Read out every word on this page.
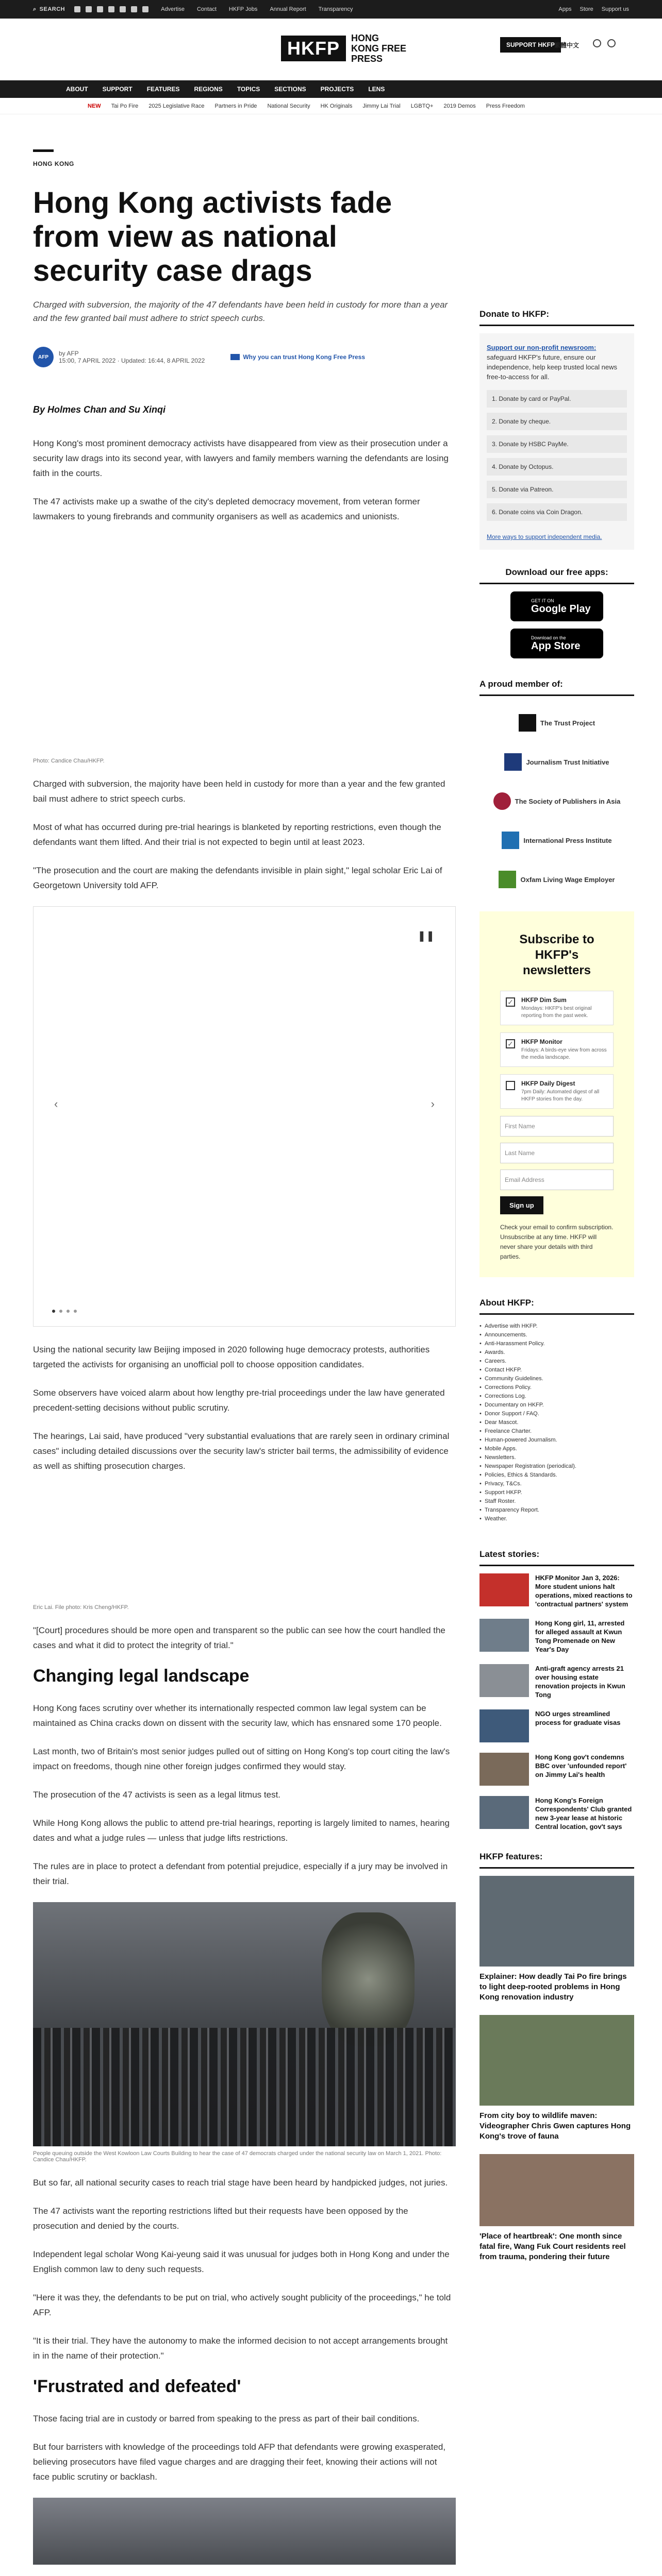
⌕ SEARCH	Advertise	Contact	HKFP Jobs	Annual Report	Transparency	Apps Store Support us
HKFP	HONG KONG FREE PRESS
SUPPORT HKFP
繁體中文
ABOUT SUPPORT FEATURES REGIONS TOPICS SECTIONS PROJECTS LENS
NEW Tai Po Fire 2025 Legislative Race Partners in Pride National Security HK Originals Jimmy Lai Trial LGBTQ+ 2019 Demos Press Freedom
HONG KONG
Hong Kong activists fade from view as national security case drags
Charged with subversion, the majority of the 47 defendants have been held in custody for more than a year and the few granted bail must adhere to strict speech curbs.
AFP	by AFP
15:00, 7 APRIL 2022 · Updated: 16:44, 8 APRIL 2022	Why you can trust Hong Kong Free Press
By Holmes Chan and Su Xinqi

Hong Kong's most prominent democracy activists have disappeared from view as their prosecution under a security law drags into its second year, with lawyers and family members warning the defendants are losing faith in the courts.

The 47 activists make up a swathe of the city's depleted democracy movement, from veteran former lawmakers to young firebrands and community organisers as well as academics and unionists.

Photo: Candice Chau/HKFP.

Charged with subversion, the majority have been held in custody for more than a year and the few granted bail must adhere to strict speech curbs.

Most of what has occurred during pre-trial hearings is blanketed by reporting restrictions, even though the defendants want them lifted. And their trial is not expected to begin until at least 2023.

"The prosecution and the court are making the defendants invisible in plain sight," legal scholar Eric Lai of Georgetown University told AFP.

❚❚
‹	›

Using the national security law Beijing imposed in 2020 following huge democracy protests, authorities targeted the activists for organising an unofficial poll to choose opposition candidates.

Some observers have voiced alarm about how lengthy pre-trial proceedings under the law have generated precedent-setting decisions without public scrutiny.

The hearings, Lai said, have produced "very substantial evaluations that are rarely seen in ordinary criminal cases" including detailed discussions over the security law's stricter bail terms, the admissibility of evidence as well as shifting prosecution charges.

Eric Lai. File photo: Kris Cheng/HKFP.

"[Court] procedures should be more open and transparent so the public can see how the court handled the cases and what it did to protect the integrity of trial."

Changing legal landscape

Hong Kong faces scrutiny over whether its internationally respected common law legal system can be maintained as China cracks down on dissent with the security law, which has ensnared some 170 people.

Last month, two of Britain's most senior judges pulled out of sitting on Hong Kong's top court citing the law's impact on freedoms, though nine other foreign judges confirmed they would stay.

The prosecution of the 47 activists is seen as a legal litmus test.

While Hong Kong allows the public to attend pre-trial hearings, reporting is largely limited to names, hearing dates and what a judge rules — unless that judge lifts restrictions.

The rules are in place to protect a defendant from potential prejudice, especially if a jury may be involved in their trial.

People queuing outside the West Kowloon Law Courts Building to hear the case of 47 democrats charged under the national security law on March 1, 2021. Photo: Candice Chau/HKFP.

But so far, all national security cases to reach trial stage have been heard by handpicked judges, not juries.

The 47 activists want the reporting restrictions lifted but their requests have been opposed by the prosecution and denied by the courts.

Independent legal scholar Wong Kai-yeung said it was unusual for judges both in Hong Kong and under the English common law to deny such requests.

"Here it was they, the defendants to be put on trial, who actively sought publicity of the proceedings," he told AFP.

"It is their trial. They have the autonomy to make the informed decision to not accept arrangements brought in in the name of their protection."

'Frustrated and defeated'

Those facing trial are in custody or barred from speaking to the press as part of their bail conditions.

But four barristers with knowledge of the proceedings told AFP that defendants were growing exasperated, believing prosecutors have filed vague charges and are dragging their feet, knowing their actions will not face public scrutiny or backlash.

Donate to HKFP:
Support our non-profit newsroom: safeguard HKFP's future, ensure our independence, help keep trusted local news free-to-access for all.
1. Donate by card or PayPal.
2. Donate by cheque.
3. Donate by HSBC PayMe.
4. Donate by Octopus.
5. Donate via Patreon.
6. Donate coins via Coin Dragon.
More ways to support independent media.
Download our free apps:
GET IT ON
Google Play
Download on the
App Store
A proud member of:
The Trust Project
Journalism Trust Initiative
The Society of Publishers in Asia
International Press Institute
Oxfam Living Wage Employer
Subscribe to HKFP's newsletters
✓ HKFP Dim Sum
Mondays: HKFP's best original reporting from the past week.
✓ HKFP Monitor
Fridays: A birds-eye view from across the media landscape.
HKFP Daily Digest
7pm Daily: Automated digest of all HKFP stories from the day.
First Name
Last Name
Email Address
Sign up
Check your email to confirm subscription. Unsubscribe at any time. HKFP will never share your details with third parties.
About HKFP:
• Advertise with HKFP.
• Announcements.
• Anti-Harassment Policy.
• Awards.
• Careers.
• Contact HKFP.
• Community Guidelines.
• Corrections Policy.
• Corrections Log.
• Documentary on HKFP.
• Donor Support / FAQ.
• Dear Mascot.
• Freelance Charter.
• Human-powered Journalism.
• Mobile Apps.
• Newsletters.
• Newspaper Registration (periodical).
• Policies, Ethics & Standards.
• Privacy, T&Cs.
• Support HKFP.
• Staff Roster.
• Transparency Report.
• Weather.
Latest stories:
HKFP Monitor Jan 3, 2026: More student unions halt operations, mixed reactions to 'contractual partners' system
Hong Kong girl, 11, arrested for alleged assault at Kwun Tong Promenade on New Year's Day
Anti-graft agency arrests 21 over housing estate renovation projects in Kwun Tong
NGO urges streamlined process for graduate visas
Hong Kong gov't condemns BBC over 'unfounded report' on Jimmy Lai's health
Hong Kong's Foreign Correspondents' Club granted new 3-year lease at historic Central location, gov't says
HKFP features:
Explainer: How deadly Tai Po fire brings to light deep-rooted problems in Hong Kong renovation industry
From city boy to wildlife maven: Videographer Chris Gwen captures Hong Kong's trove of fauna
'Place of heartbreak': One month since fatal fire, Wang Fuk Court residents reel from trauma, pondering their future
